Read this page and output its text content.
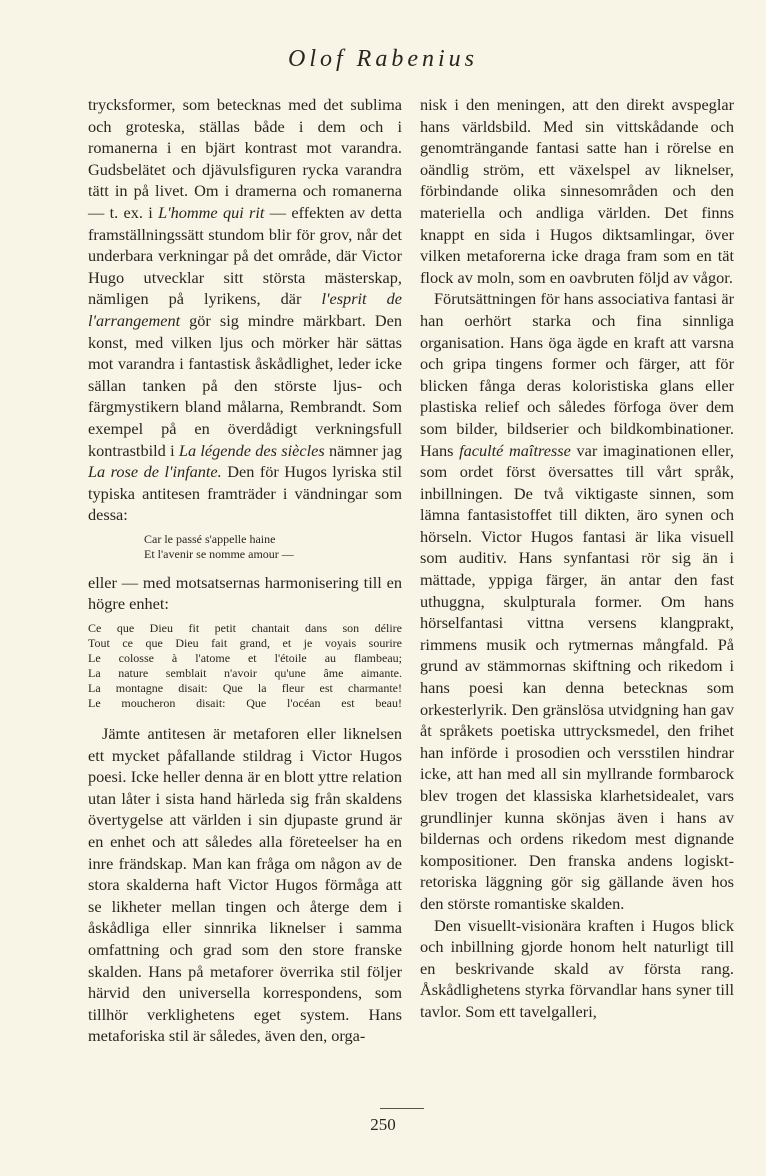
Olof Rabenius

trycksformer, som betecknas med det sublima och groteska, ställas både i dem och i romanerna i en bjärt kontrast mot varandra. Gudsbelätet och djävulsfiguren rycka varandra tätt in på livet. Om i dramerna och romanerna — t. ex. i L'homme qui rit — effekten av detta framställningssätt stundom blir för grov, når det underbara verkningar på det område, där Victor Hugo utvecklar sitt största mästerskap, nämligen på lyrikens, där l'esprit de l'arrangement gör sig mindre märkbart. Den konst, med vilken ljus och mörker här sättas mot varandra i fantastisk åskådlighet, leder icke sällan tanken på den störste ljus- och färgmystikern bland målarna, Rembrandt. Som exempel på en överdådigt verkningsfull kontrastbild i La légende des siècles nämner jag La rose de l'infante. Den för Hugos lyriska stil typiska antitesen framträder i vändningar som dessa:

Car le passé s'appelle haine
Et l'avenir se nomme amour —

eller — med motsatsernas harmonisering till en högre enhet:

Ce que Dieu fit petit chantait dans son délire
Tout ce que Dieu fait grand, et je voyais sourire
Le colosse à l'atome et l'étoile au flambeau;
La nature semblait n'avoir qu'une âme aimante.
La montagne disait: Que la fleur est charmante!
Le moucheron disait: Que l'océan est beau!

Jämte antitesen är metaforen eller liknelsen ett mycket påfallande stildrag i Victor Hugos poesi. Icke heller denna är en blott yttre relation utan låter i sista hand härleda sig från skaldens övertygelse att världen i sin djupaste grund är en enhet och att således alla företeelser ha en inre frändskap. Man kan fråga om någon av de stora skalderna haft Victor Hugos förmåga att se likheter mellan tingen och återge dem i åskådliga eller sinnrika liknelser i samma omfattning och grad som den store franske skalden. Hans på metaforer överrika stil följer härvid den universella korrespondens, som tillhör verklighetens eget system. Hans metaforiska stil är således, även den, orga-

nisk i den meningen, att den direkt avspeglar hans världsbild. Med sin vittskådande och genomträngande fantasi satte han i rörelse en oändlig ström, ett växelspel av liknelser, förbindande olika sinnesområden och den materiella och andliga världen. Det finns knappt en sida i Hugos diktsamlingar, över vilken metaforerna icke draga fram som en tät flock av moln, som en oavbruten följd av vågor.

Förutsättningen för hans associativa fantasi är han oerhört starka och fina sinnliga organisation. Hans öga ägde en kraft att varsna och gripa tingens former och färger, att för blicken fånga deras koloristiska glans eller plastiska relief och således förfoga över dem som bilder, bildserier och bildkombinationer. Hans faculté maîtresse var imaginationen eller, som ordet först översattes till vårt språk, inbillningen. De två viktigaste sinnen, som lämna fantasistoffet till dikten, äro synen och hörseln. Victor Hugos fantasi är lika visuell som auditiv. Hans synfantasi rör sig än i mättade, yppiga färger, än antar den fast uthuggna, skulpturala former. Om hans hörselfantasi vittna versens klangprakt, rimmens musik och rytmernas mångfald. På grund av stämmornas skiftning och rikedom i hans poesi kan denna betecknas som orkesterlyrik. Den gränslösa utvidgning han gav åt språkets poetiska uttrycksmedel, den frihet han införde i prosodien och versstilen hindrar icke, att han med all sin myllrande formbarock blev trogen det klassiska klarhetsidealet, vars grundlinjer kunna skönjas även i hans av bildernas och ordens rikedom mest dignande kompositioner. Den franska andens logiskt-retoriska läggning gör sig gällande även hos den störste romantiske skalden.

Den visuellt-visionära kraften i Hugos blick och inbillning gjorde honom helt naturligt till en beskrivande skald av första rang. Åskådlighetens styrka förvandlar hans syner till tavlor. Som ett tavelgalleri,

250
